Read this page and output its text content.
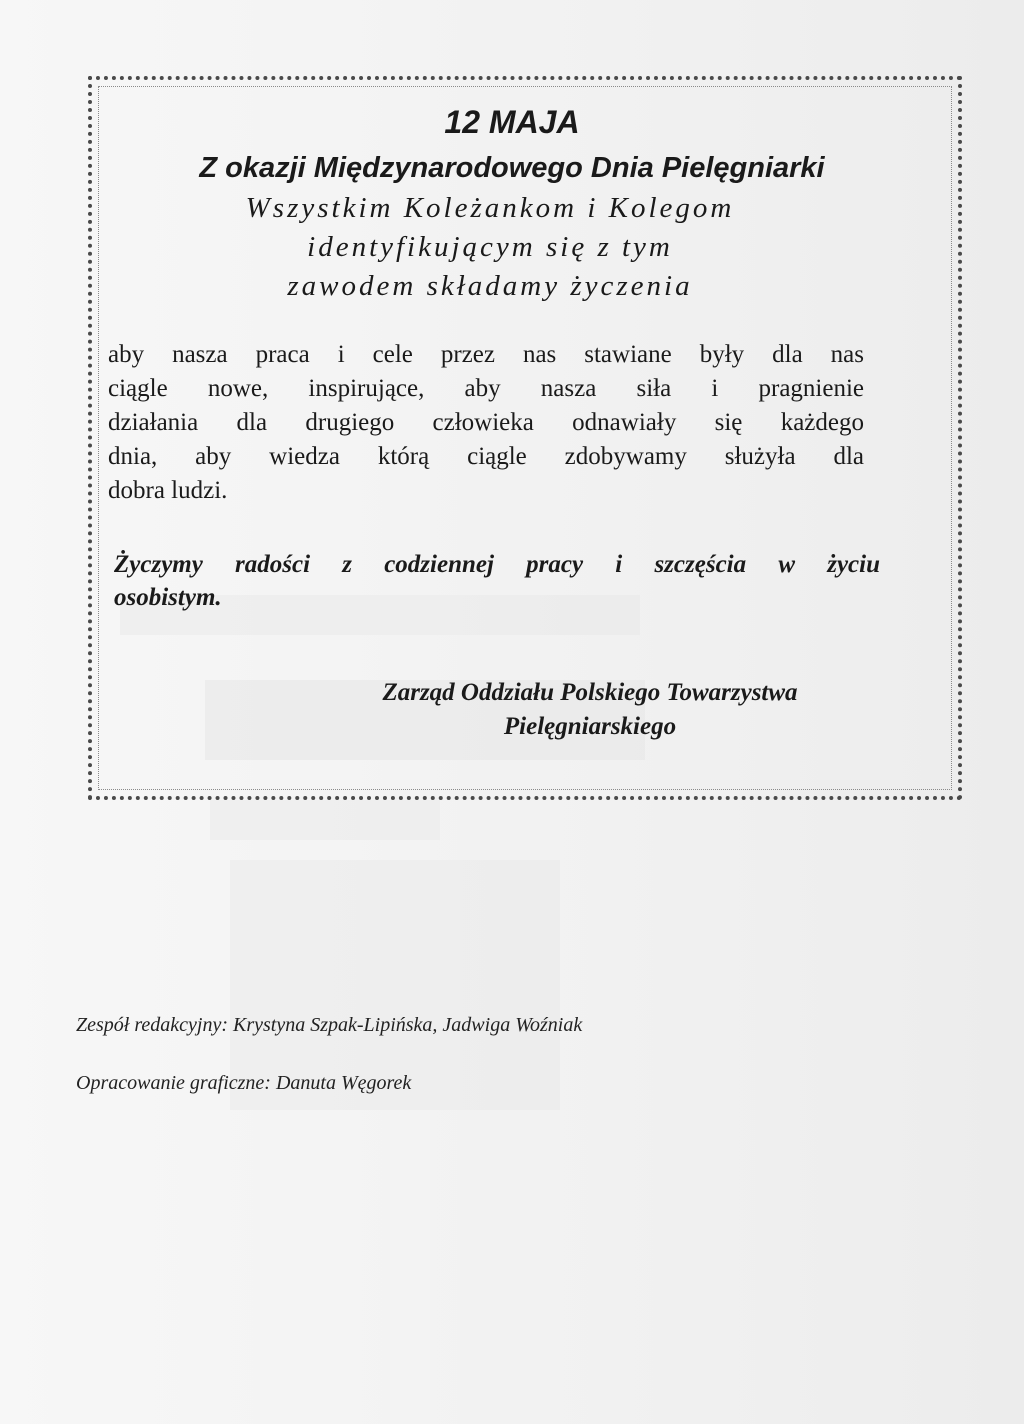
12 MAJA
Z okazji Międzynarodowego Dnia Pielęgniarki
Wszystkim Koleżankom i Kolegom
identyfikującym się z tym
zawodem składamy życzenia
aby nasza praca i cele przez nas stawiane były dla nas
ciągle nowe, inspirujące, aby nasza siła i pragnienie
działania dla drugiego człowieka odnawiały się każdego
dnia, aby wiedza którą ciągle zdobywamy służyła dla
dobra ludzi.
Życzymy radości z codziennej pracy i szczęścia w życiu
osobistym.
Zarząd Oddziału Polskiego Towarzystwa
Pielęgniarskiego
Zespół redakcyjny: Krystyna Szpak-Lipińska, Jadwiga Woźniak
Opracowanie graficzne: Danuta Węgorek
